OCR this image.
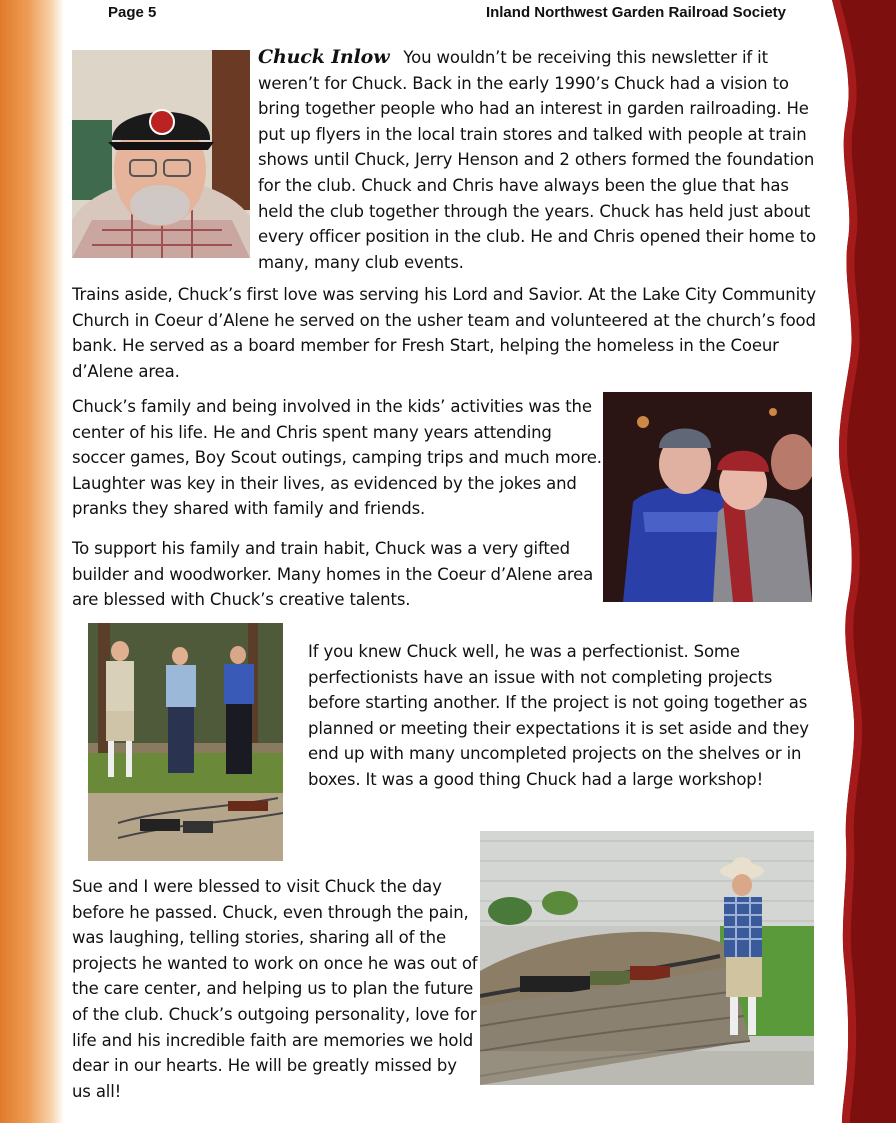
Page 5	Inland Northwest Garden Railroad Society

Chuck Inlow You wouldn’t be receiving this newsletter if it weren’t for Chuck. Back in the early 1990’s Chuck had a vision to bring together people who had an interest in garden railroading. He put up flyers in the local train stores and talked with people at train shows until Chuck, Jerry Henson and 2 others formed the foundation for the club. Chuck and Chris have always been the glue that has held the club together through the years. Chuck has held just about every officer position in the club. He and Chris opened their home to many, many club events.

Trains aside, Chuck’s first love was serving his Lord and Savior. At the Lake City Community Church in Coeur d’Alene he served on the usher team and volunteered at the church’s food bank. He served as a board member for Fresh Start, helping the homeless in the Coeur d’Alene area.

Chuck’s family and being involved in the kids’ activities was the center of his life. He and Chris spent many years attending soccer games, Boy Scout outings, camping trips and much more. Laughter was key in their lives, as evidenced by the jokes and pranks they shared with family and friends.

To support his family and train habit, Chuck was a very gifted builder and woodworker. Many homes in the Coeur d’Alene area are blessed with Chuck’s creative talents.

If you knew Chuck well, he was a perfectionist. Some perfectionists have an issue with not completing projects before starting another. If the project is not going together as planned or meeting their expectations it is set aside and they end up with many uncompleted projects on the shelves or in boxes. It was a good thing Chuck had a large workshop!

Sue and I were blessed to visit Chuck the day before he passed. Chuck, even through the pain, was laughing, telling stories, sharing all of the projects he wanted to work on once he was out of the care center, and helping us to plan the future of the club. Chuck’s outgoing personality, love for life and his incredible faith are memories we hold dear in our hearts. He will be greatly missed by us all!
